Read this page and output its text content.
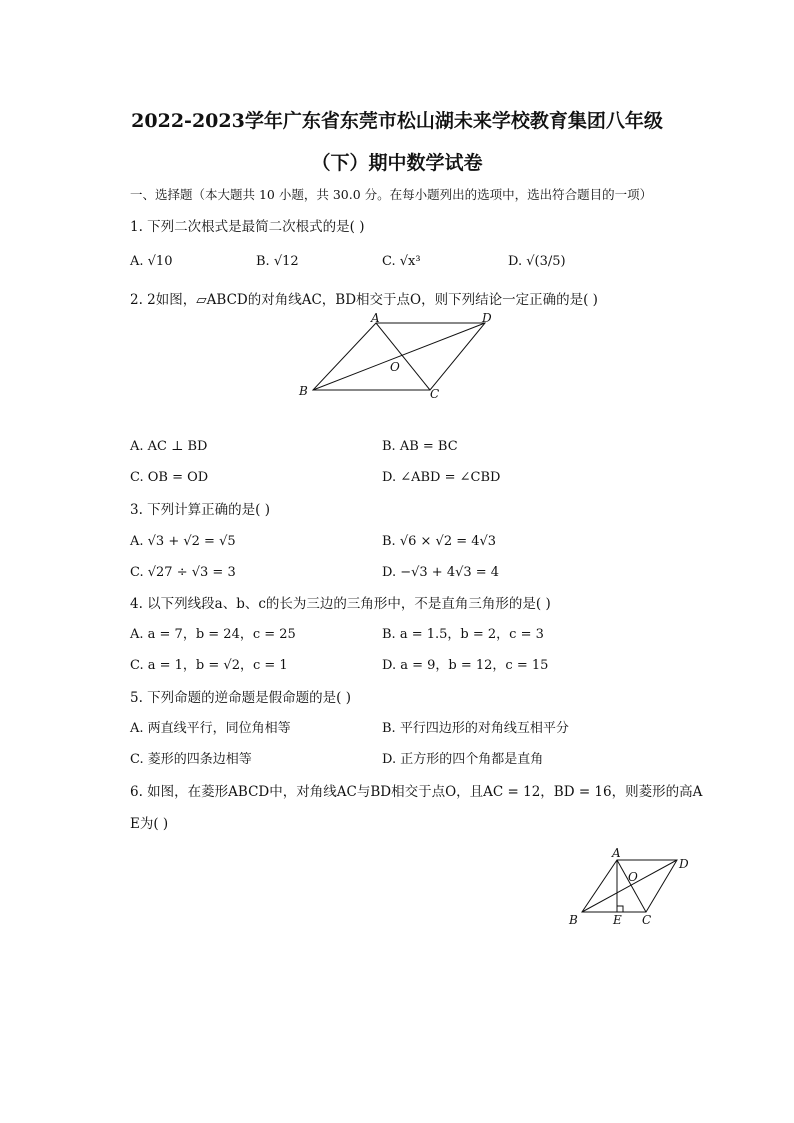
2022-2023学年广东省东莞市松山湖未来学校教育集团八年级
（下）期中数学试卷
一、选择题（本大题共 10 小题，共 30.0 分。在每小题列出的选项中，选出符合题目的一项）
1. 下列二次根式是最简二次根式的是( )
A. √10	B. √12	C. √x³	D. √(3/5)
2. 2如图，▱ABCD的对角线AC，BD相交于点O，则下列结论一定正确的是( )
A	D
B	C
O
A. AC ⊥ BD	B. AB = BC
C. OB = OD	D. ∠ABD = ∠CBD
3. 下列计算正确的是( )
A. √3 + √2 = √5	B. √6 × √2 = 4√3
C. √27 ÷ √3 = 3	D. −√3 + 4√3 = 4
4. 以下列线段a、b、c的长为三边的三角形中，不是直角三角形的是( )
A. a = 7，b = 24，c = 25	B. a = 1.5，b = 2，c = 3
C. a = 1，b = √2，c = 1	D. a = 9，b = 12，c = 15
5. 下列命题的逆命题是假命题的是( )
A. 两直线平行，同位角相等	B. 平行四边形的对角线互相平分
C. 菱形的四条边相等	D. 正方形的四个角都是直角
6. 如图，在菱形ABCD中，对角线AC与BD相交于点O，且AC = 12，BD = 16，则菱形的高A
E为( )
A
D
O
B	E C
